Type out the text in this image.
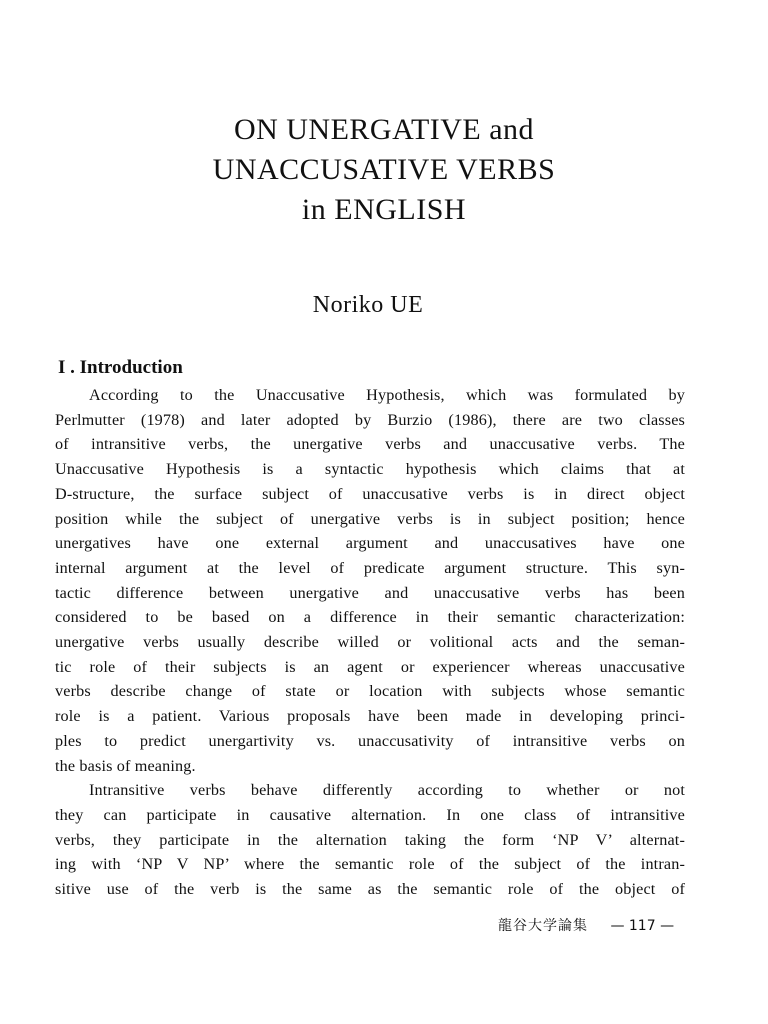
ON UNERGATIVE and
UNACCUSATIVE VERBS
in ENGLISH
Noriko UE
I . Introduction
According to the Unaccusative Hypothesis, which was formulated by
Perlmutter (1978) and later adopted by Burzio (1986), there are two classes
of intransitive verbs, the unergative verbs and unaccusative verbs. The
Unaccusative Hypothesis is a syntactic hypothesis which claims that at
D-structure, the surface subject of unaccusative verbs is in direct object
position while the subject of unergative verbs is in subject position; hence
unergatives have one external argument and unaccusatives have one
internal argument at the level of predicate argument structure. This syn-
tactic difference between unergative and unaccusative verbs has been
considered to be based on a difference in their semantic characterization:
unergative verbs usually describe willed or volitional acts and the seman-
tic role of their subjects is an agent or experiencer whereas unaccusative
verbs describe change of state or location with subjects whose semantic
role is a patient. Various proposals have been made in developing princi-
ples to predict unergartivity vs. unaccusativity of intransitive verbs on
the basis of meaning.
Intransitive verbs behave differently according to whether or not
they can participate in causative alternation. In one class of intransitive
verbs, they participate in the alternation taking the form ‘NP V’ alternat-
ing with ‘NP V NP’ where the semantic role of the subject of the intran-
sitive use of the verb is the same as the semantic role of the object of
龍谷大学論集 — 117 —
